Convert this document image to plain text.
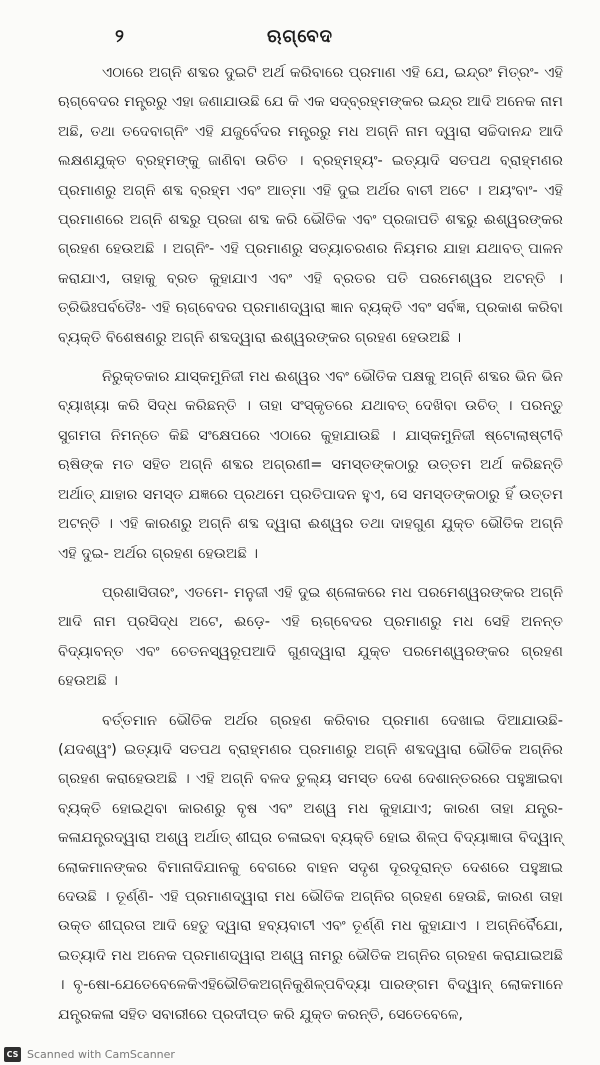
୨	ଋଗ୍‌ବେଦ

ଏଠାରେ ଅଗ୍ନି ଶବ୍ଦର ଦୁଇଟି ଅର୍ଥ କରିବାରେ ପ୍ରମାଣ ଏହି ଯେ, ଇନ୍ଦ୍ରଂ ମିତ୍ରଂ- ଏହି ଋଗ୍‌ବେଦର ମନ୍ତ୍ରରୁ ଏହା ଜଣାଯାଉଛି ଯେ କି ଏକ ସଦ୍‌ବ୍ରହ୍ମଙ୍କର ଇନ୍ଦ୍ର ଆଦି ଅନେକ ନାମ ଅଛି, ତଥା ତଦେବାଗ୍ନିଂ ଏହି ଯଜୁର୍ବେଦର ମନ୍ତ୍ରରୁ ମଧ ଅଗ୍ନି ନାମ ଦ୍ୱାରା ସଚ୍ଚିଦାନନ୍ଦ ଆଦି ଲକ୍ଷଣଯୁକ୍ତ ବ୍ରହ୍ମଙ୍କୁ ଜାଣିବା ଉଚିତ । ବ୍ରହ୍ମହ୍ୟଂ- ଇତ୍ୟାଦି ସତପଥ ବ୍ରାହ୍ମଣର ପ୍ରମାଣରୁ ଅଗ୍ନି ଶବ୍ଦ ବ୍ରହ୍ମ ଏବଂ ଆତ୍ମା ଏହି ଦୁଇ ଅର୍ଥର ବାଚୀ ଅଟେ । ଅୟଂବାଂ- ଏହି ପ୍ରମାଣରେ ଅଗ୍ନି ଶବ୍ଦରୁ ପ୍ରଜା ଶବ୍ଦ କରି ଭୌତିକ ଏବଂ ପ୍ରଜାପତି ଶବ୍ଦରୁ ଈଶ୍ୱରଙ୍କର ଗ୍ରହଣ ହେଉଅଛି । ଅଗ୍ନିଂ- ଏହି ପ୍ରମାଣରୁ ସତ୍ୟାଚରଣର ନିୟମର ଯାହା ଯଥାବତ୍ ପାଳନ କରାଯାଏ, ତାହାକୁ ବ୍ରତ କୁହାଯାଏ ଏବଂ ଏହି ବ୍ରତର ପତି ପରମେଶ୍ୱର ଅଟନ୍ତି । ତ୍ରିଭିଃପର୍ବତୈଃ- ଏହି ଋଗ୍‌ବେଦର ପ୍ରମାଣଦ୍ୱାରା ଜ୍ଞାନ ବ୍ୟକ୍ତି ଏବଂ ସର୍ବଜ୍ଞ, ପ୍ରକାଶ କରିବା ବ୍ୟକ୍ତି ବିଶେଷଣରୁ ଅଗ୍ନି ଶବ୍ଦଦ୍ୱାରା ଈଶ୍ୱରଙ୍କର ଗ୍ରହଣ ହେଉଅଛି ।

ନିରୁକ୍ତକାର ଯାସ୍କମୁନିଜୀ ମଧ ଈଶ୍ୱର ଏବଂ ଭୌତିକ ପକ୍ଷକୁ ଅଗ୍ନି ଶବ୍ଦର ଭିନ ଭିନ ବ୍ୟାଖ୍ୟା କରି ସିଦ୍ଧ କରିଛନ୍ତି । ତାହା ସଂସ୍କୃତରେ ଯଥାବତ୍ ଦେଖିବା ଉଚିତ୍ । ପରନ୍ତୁ ସୁଗମତା ନିମନ୍ତେ କିଛି ସଂକ୍ଷେପରେ ଏଠାରେ କୁହାଯାଉଛି । ଯାସ୍କମୁନିଜୀ ଷ୍ଟୋଲାଷ୍ଟୀବି ଋଷିଙ୍କ ମତ ସହିତ ଅଗ୍ନି ଶବ୍ଦର ଅଗ୍ରଣୀ= ସମସ୍ତଙ୍କଠାରୁ ଉତ୍ତମ ଅର୍ଥ କରିଛନ୍ତି ଅର୍ଥାତ୍ ଯାହାର ସମସ୍ତ ଯଜ୍ଞରେ ପ୍ରଥମେ ପ୍ରତିପାଦନ ହୁଏ, ସେ ସମସ୍ତଙ୍କଠାରୁ ହିଁ ଉତ୍ତମ ଅଟନ୍ତି । ଏହି କାରଣରୁ ଅଗ୍ନି ଶବ୍ଦ ଦ୍ୱାରା ଈଶ୍ୱର ତଥା ଦାହଗୁଣ ଯୁକ୍ତ ଭୌତିକ ଅଗ୍ନି ଏହି ଦୁଇ- ଅର୍ଥର ଗ୍ରହଣ ହେଉଅଛି ।

ପ୍ରଶାସିତାରଂ, ଏତମେ- ମନୁଜୀ ଏହି ଦୁଇ ଶ୍ଳୋକରେ ମଧ ପରମେଶ୍ୱରଙ୍କର ଅଗ୍ନି ଆଦି ନାମ ପ୍ରସିଦ୍ଧ ଅଟେ, ଈଡ଼େ- ଏହି ଋଗ୍‌ବେଦର ପ୍ରମାଣରୁ ମଧ ସେହି ଅନନ୍ତ ବିଦ୍ୟାବନ୍ତ ଏବଂ ଚେତନସ୍ୱରୂପଆଦି ଗୁଣଦ୍ୱାରା ଯୁକ୍ତ ପରମେଶ୍ୱରଙ୍କର ଗ୍ରହଣ ହେଉଅଛି ।

ବର୍ତ୍ତମାନ ଭୌତିକ ଅର୍ଥର ଗ୍ରହଣ କରିବାର ପ୍ରମାଣ ଦେଖାଇ ଦିଆଯାଉଛି- (ଯଦଶ୍ୱଂ) ଇତ୍ୟାଦି ସତପଥ ବ୍ରାହ୍ମଣର ପ୍ରମାଣରୁ ଅଗ୍ନି ଶବ୍ଦଦ୍ୱାରା ଭୌତିକ ଅଗ୍ନିର ଗ୍ରହଣ କରାହେଉଅଛି । ଏହି ଅଗ୍ନି ବଳଦ ତୁଲ୍ୟ ସମସ୍ତ ଦେଶ ଦେଶାନ୍ତରରେ ପହୁଞ୍ଚାଇବା ବ୍ୟକ୍ତି ହୋଇଥିବା କାରଣରୁ ବୃଷ ଏବଂ ଅଶ୍ୱ ମଧ କୁହାଯାଏ; କାରଣ ତାହା ଯନ୍ତ୍ର-କଳାଯନ୍ତ୍ରଦ୍ୱାରା ଅଶ୍ୱ ଅର୍ଥାତ୍ ଶୀଘ୍ର ଚଳାଇବା ବ୍ୟକ୍ତି ହୋଇ ଶିଳ୍ପ ବିଦ୍ୟାଜ୍ଞାତା ବିଦ୍ୱାନ୍ ଲୋକମାନଙ୍କର ବିମାନାଦିଯାନକୁ ବେଗରେ ବାହନ ସଦୃଶ ଦୂରଦୂରାନ୍ତ ଦେଶରେ ପହୁଞ୍ଚାଇ ଦେଉଛି । ତୂର୍ଣ୍ଣି- ଏହି ପ୍ରମାଣଦ୍ୱାରା ମଧ ଭୌତିକ ଅଗ୍ନିର ଗ୍ରହଣ ହେଉଛି, କାରଣ ତାହା ଉକ୍ତ ଶୀଘ୍ରତା ଆଦି ହେତୁ ଦ୍ୱାରା ହବ୍ୟବାଟୀ ଏବଂ ତୂର୍ଣ୍ଣି ମଧ କୁହାଯାଏ । ଅଗ୍ନିର୍ବୈଯୋ, ଇତ୍ୟାଦି ମଧ ଅନେକ ପ୍ରମାଣଦ୍ୱାରା ଅଶ୍ୱ ନାମରୁ ଭୌତିକ ଅଗ୍ନିର ଗ୍ରହଣ କରାଯାଇଅଛି । ବୃ-ଷୋ-ଯେତେବେଳେକିଏହିଭୌତିକଅଗ୍ନିକୁଶିଳ୍ପବିଦ୍ୟା ପାରଙ୍ଗମ ବିଦ୍ୱାନ୍ ଲୋକମାନେ ଯନ୍ତ୍ରକଳା ସହିତ ସବାରୀରେ ପ୍ରଦୀପ୍ତ କରି ଯୁକ୍ତ କରନ୍ତି, ସେତେବେଳେ,

CS Scanned with CamScanner
